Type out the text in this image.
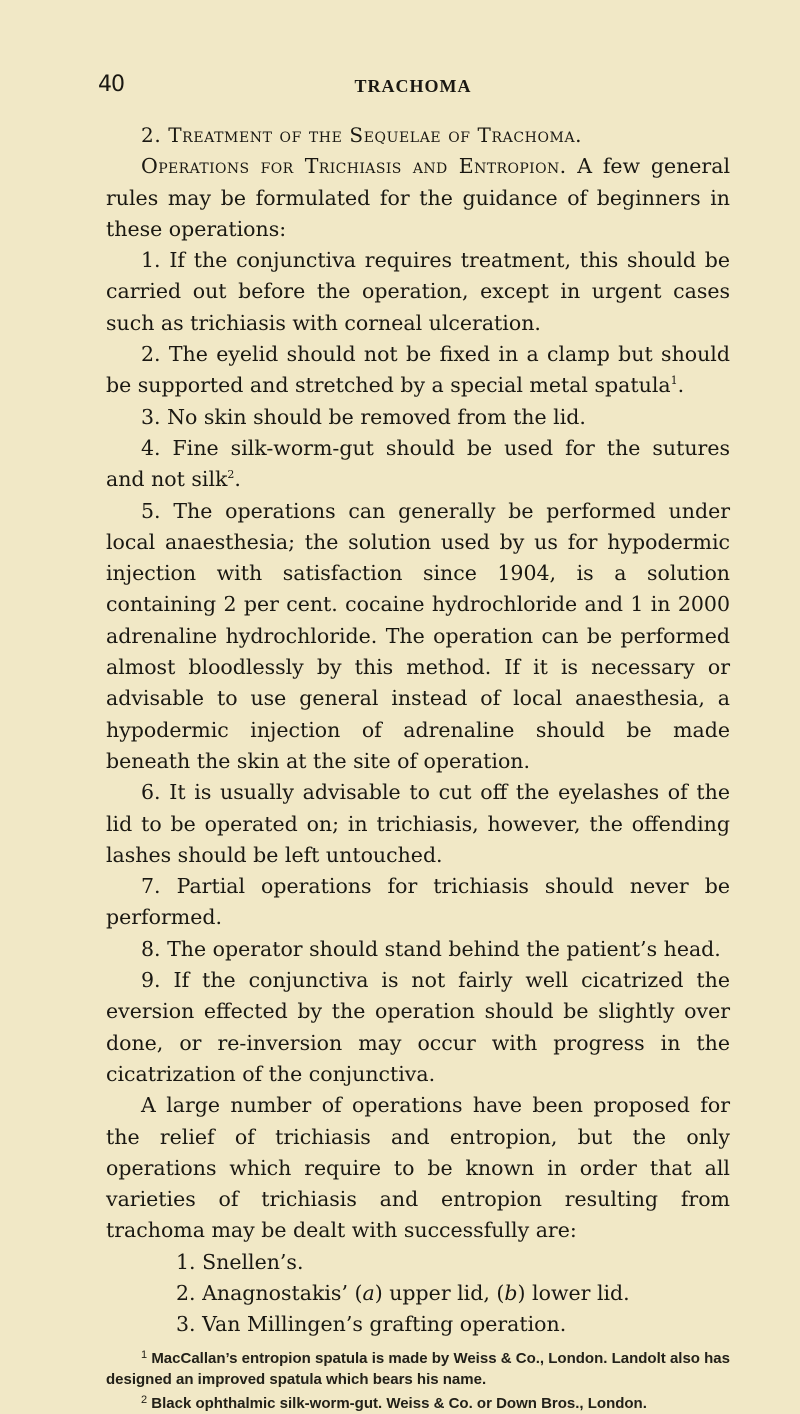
40	TRACHOMA

2. Treatment of the Sequelae of Trachoma.

Operations for Trichiasis and Entropion. A few general rules may be formulated for the guidance of beginners in these operations:

1. If the conjunctiva requires treatment, this should be carried out before the operation, except in urgent cases such as trichiasis with corneal ulceration.

2. The eyelid should not be fixed in a clamp but should be supported and stretched by a special metal spatula$^1$.

3. No skin should be removed from the lid.

4. Fine silk-worm-gut should be used for the sutures and not silk$^2$.

5. The operations can generally be performed under local anaesthesia; the solution used by us for hypodermic injection with satisfaction since 1904, is a solution containing 2 per cent. cocaine hydrochloride and 1 in 2000 adrenaline hydrochloride. The operation can be performed almost bloodlessly by this method. If it is necessary or advisable to use general instead of local anaesthesia, a hypodermic injection of adrenaline should be made beneath the skin at the site of operation.

6. It is usually advisable to cut off the eyelashes of the lid to be operated on; in trichiasis, however, the offending lashes should be left untouched.

7. Partial operations for trichiasis should never be performed.

8. The operator should stand behind the patient’s head.

9. If the conjunctiva is not fairly well cicatrized the eversion effected by the operation should be slightly over done, or re-inversion may occur with progress in the cicatrization of the conjunctiva.

A large number of operations have been proposed for the relief of trichiasis and entropion, but the only operations which require to be known in order that all varieties of trichiasis and entropion resulting from trachoma may be dealt with successfully are:

1. Snellen’s.

2. Anagnostakis’ (a) upper lid, (b) lower lid.

3. Van Millingen’s grafting operation.

$^1$ MacCallan’s entropion spatula is made by Weiss & Co., London. Landolt also has designed an improved spatula which bears his name.

$^2$ Black ophthalmic silk-worm-gut. Weiss & Co. or Down Bros., London.
